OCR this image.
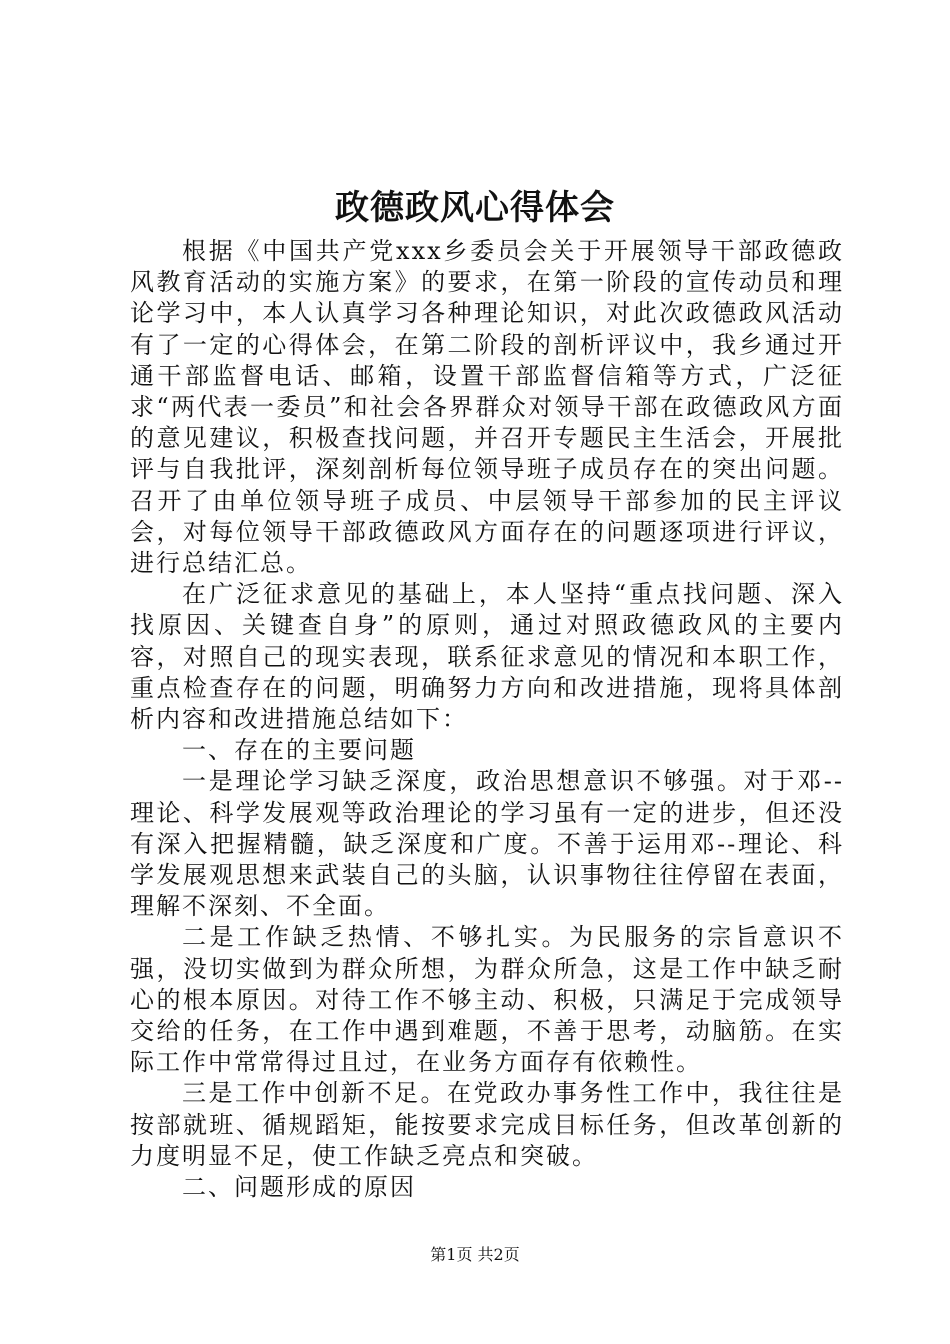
政德政风心得体会

根据《中国共产党xxx乡委员会关于开展领导干部政德政风教育活动的实施方案》的要求，在第一阶段的宣传动员和理论学习中，本人认真学习各种理论知识，对此次政德政风活动有了一定的心得体会，在第二阶段的剖析评议中，我乡通过开通干部监督电话、邮箱，设置干部监督信箱等方式，广泛征求“两代表一委员”和社会各界群众对领导干部在政德政风方面的意见建议，积极查找问题，并召开专题民主生活会，开展批评与自我批评，深刻剖析每位领导班子成员存在的突出问题。召开了由单位领导班子成员、中层领导干部参加的民主评议会，对每位领导干部政德政风方面存在的问题逐项进行评议，进行总结汇总。

在广泛征求意见的基础上，本人坚持“重点找问题、深入找原因、关键查自身”的原则，通过对照政德政风的主要内容，对照自己的现实表现，联系征求意见的情况和本职工作，重点检查存在的问题，明确努力方向和改进措施，现将具体剖析内容和改进措施总结如下：

一、存在的主要问题

一是理论学习缺乏深度，政治思想意识不够强。对于邓--理论、科学发展观等政治理论的学习虽有一定的进步，但还没有深入把握精髓，缺乏深度和广度。不善于运用邓--理论、科学发展观思想来武装自己的头脑，认识事物往往停留在表面，理解不深刻、不全面。

二是工作缺乏热情、不够扎实。为民服务的宗旨意识不强，没切实做到为群众所想，为群众所急，这是工作中缺乏耐心的根本原因。对待工作不够主动、积极，只满足于完成领导交给的任务，在工作中遇到难题，不善于思考，动脑筋。在实际工作中常常得过且过，在业务方面存有依赖性。

三是工作中创新不足。在党政办事务性工作中，我往往是按部就班、循规蹈矩，能按要求完成目标任务，但改革创新的力度明显不足，使工作缺乏亮点和突破。

二、问题形成的原因

第1页 共2页
